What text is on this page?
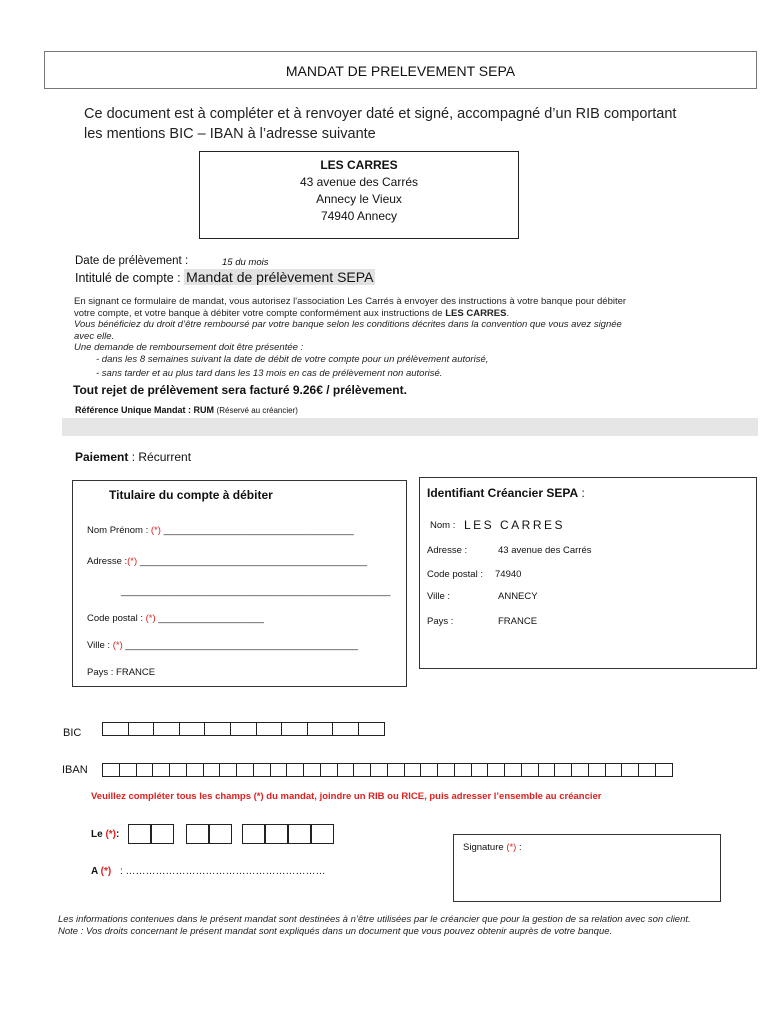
MANDAT DE PRELEVEMENT SEPA
Ce document est à compléter et à renvoyer daté et signé, accompagné d’un RIB comportant
les mentions BIC – IBAN à l’adresse suivante
LES CARRES
43 avenue des Carrés
Annecy le Vieux
74940 Annecy
Date de prélèvement :	15 du mois
Intitulé de compte : Mandat de prélèvement SEPA
En signant ce formulaire de mandat, vous autorisez l'association Les Carrés à envoyer des instructions à votre banque pour débiter
votre compte, et votre banque à débiter votre compte conformément aux instructions de LES CARRES.
Vous bénéficiez du droit d’être remboursé par votre banque selon les conditions décrites dans la convention que vous avez signée
avec elle.
Une demande de remboursement doit être présentée :
- dans les 8 semaines suivant la date de débit de votre compte pour un prélèvement autorisé,
- sans tarder et au plus tard dans les 13 mois en cas de prélèvement non autorisé.
Tout rejet de prélèvement sera facturé 9.26€ / prélèvement.
Référence Unique Mandat : RUM (Réservé au créancier)
Paiement : Récurrent
Titulaire du compte à débiter
Nom Prénom : (*) ____________________________________
Adresse :(*) ___________________________________________
___________________________________________________
Code postal : (*) ____________________
Ville : (*) ____________________________________________
Pays : FRANCE
Identifiant Créancier SEPA :
Nom : LES CARRES
Adresse :	43 avenue des Carrés
Code postal : 74940
Ville :	ANNECY
Pays :	FRANCE
BIC
IBAN
Veuillez compléter tous les champs (*) du mandat, joindre un RIB ou RICE, puis adresser l’ensemble au créancier
Le (*):
A (*) : ……………………………………………………
Signature (*) :
Les informations contenues dans le présent mandat sont destinées à n’être utilisées par le créancier que pour la gestion de sa relation avec son client.
Note : Vos droits concernant le présent mandat sont expliqués dans un document que vous pouvez obtenir auprès de votre banque.
